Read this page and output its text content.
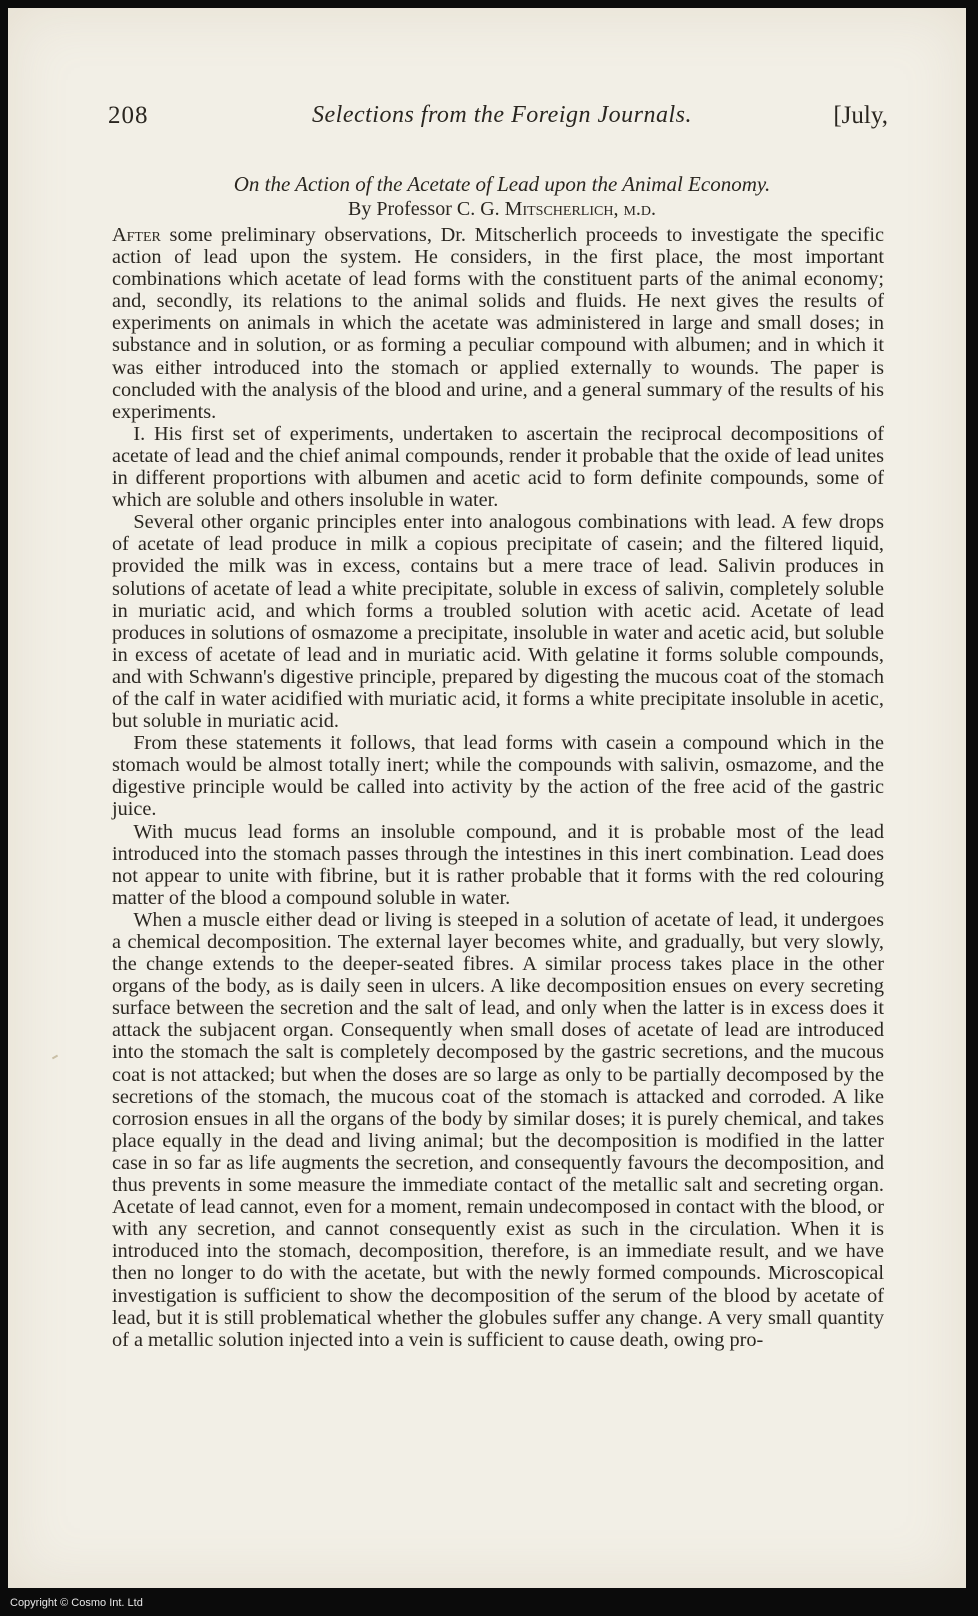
208	Selections from the Foreign Journals.	[July,
On the Action of the Acetate of Lead upon the Animal Economy.
By Professor C. G. Mitscherlich, m.d.

After some preliminary observations, Dr. Mitscherlich proceeds to investigate the specific action of lead upon the system. He considers, in the first place, the most important combinations which acetate of lead forms with the constituent parts of the animal economy; and, secondly, its relations to the animal solids and fluids. He next gives the results of experiments on animals in which the acetate was administered in large and small doses; in substance and in solution, or as forming a peculiar compound with albumen; and in which it was either introduced into the stomach or applied externally to wounds. The paper is concluded with the analysis of the blood and urine, and a general summary of the results of his experiments.

I. His first set of experiments, undertaken to ascertain the reciprocal decompositions of acetate of lead and the chief animal compounds, render it probable that the oxide of lead unites in different proportions with albumen and acetic acid to form definite compounds, some of which are soluble and others insoluble in water.

Several other organic principles enter into analogous combinations with lead. A few drops of acetate of lead produce in milk a copious precipitate of casein; and the filtered liquid, provided the milk was in excess, contains but a mere trace of lead. Salivin produces in solutions of acetate of lead a white precipitate, soluble in excess of salivin, completely soluble in muriatic acid, and which forms a troubled solution with acetic acid. Acetate of lead produces in solutions of osmazome a precipitate, insoluble in water and acetic acid, but soluble in excess of acetate of lead and in muriatic acid. With gelatine it forms soluble compounds, and with Schwann's digestive principle, prepared by digesting the mucous coat of the stomach of the calf in water acidified with muriatic acid, it forms a white precipitate insoluble in acetic, but soluble in muriatic acid.

From these statements it follows, that lead forms with casein a compound which in the stomach would be almost totally inert; while the compounds with salivin, osmazome, and the digestive principle would be called into activity by the action of the free acid of the gastric juice.

With mucus lead forms an insoluble compound, and it is probable most of the lead introduced into the stomach passes through the intestines in this inert combination. Lead does not appear to unite with fibrine, but it is rather probable that it forms with the red colouring matter of the blood a compound soluble in water.

When a muscle either dead or living is steeped in a solution of acetate of lead, it undergoes a chemical decomposition. The external layer becomes white, and gradually, but very slowly, the change extends to the deeper-seated fibres. A similar process takes place in the other organs of the body, as is daily seen in ulcers. A like decomposition ensues on every secreting surface between the secretion and the salt of lead, and only when the latter is in excess does it attack the subjacent organ. Consequently when small doses of acetate of lead are introduced into the stomach the salt is completely decomposed by the gastric secretions, and the mucous coat is not attacked; but when the doses are so large as only to be partially decomposed by the secretions of the stomach, the mucous coat of the stomach is attacked and corroded. A like corrosion ensues in all the organs of the body by similar doses; it is purely chemical, and takes place equally in the dead and living animal; but the decomposition is modified in the latter case in so far as life augments the secretion, and consequently favours the decomposition, and thus prevents in some measure the immediate contact of the metallic salt and secreting organ. Acetate of lead cannot, even for a moment, remain undecomposed in contact with the blood, or with any secretion, and cannot consequently exist as such in the circulation. When it is introduced into the stomach, decomposition, therefore, is an immediate result, and we have then no longer to do with the acetate, but with the newly formed compounds. Microscopical investigation is sufficient to show the decomposition of the serum of the blood by acetate of lead, but it is still problematical whether the globules suffer any change. A very small quantity of a metallic solution injected into a vein is sufficient to cause death, owing pro-

Copyright © Cosmo Int. Ltd
